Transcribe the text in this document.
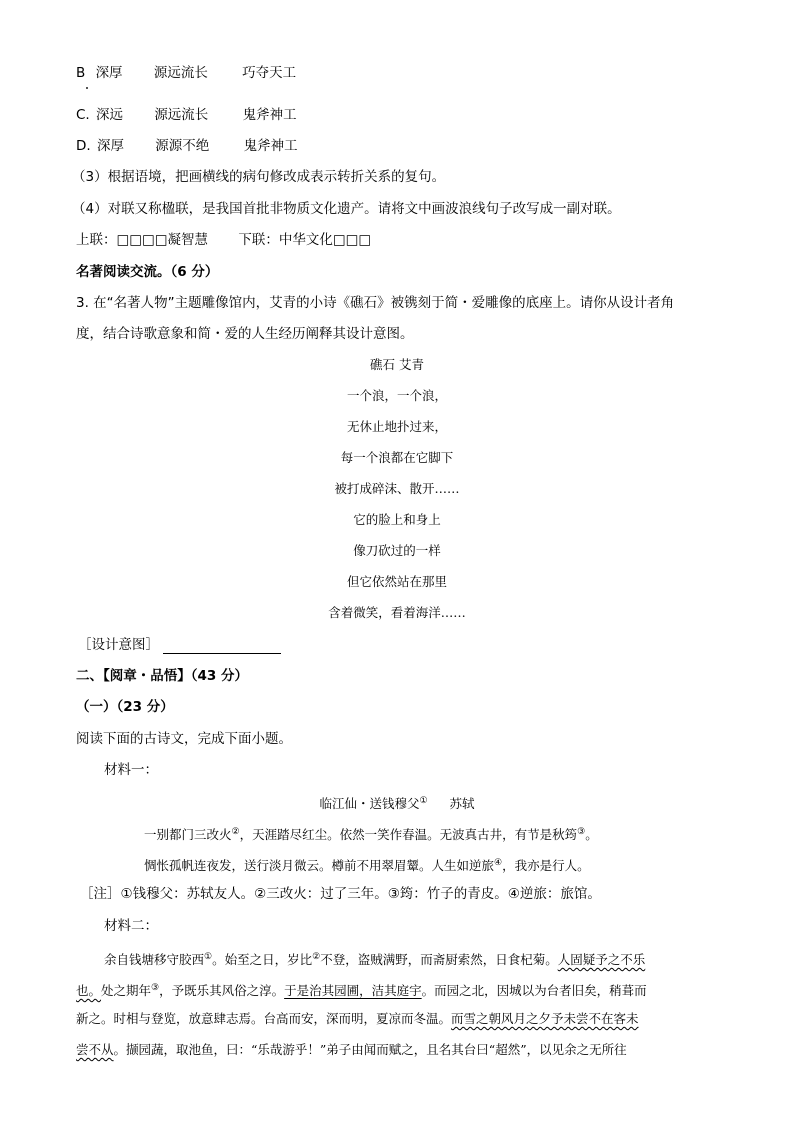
B 深厚 源远流长	巧夺天工
C. 深远 源远流长	鬼斧神工
D. 深厚 源源不绝	鬼斧神工
（3）根据语境，把画横线的病句修改成表示转折关系的复句。
（4）对联又称楹联，是我国首批非物质文化遗产。请将文中画波浪线句子改写成一副对联。
上联：□□□□凝智慧 下联：中华文化□□□
名著阅读交流。（6 分）
3. 在“名著人物”主题雕像馆内，艾青的小诗《礁石》被镌刻于简・爱雕像的底座上。请你从设计者角
度，结合诗歌意象和简・爱的人生经历阐释其设计意图。
礁石 艾青
一个浪，一个浪，
无休止地扑过来，
每一个浪都在它脚下
被打成碎沫、散开……
它的脸上和身上
像刀砍过的一样
但它依然站在那里
含着微笑，看着海洋……
［设计意图］
二、【阅章・品悟】（43 分）
（一）（23 分）
阅读下面的古诗文，完成下面小题。
材料一：
临江仙・送钱穆父① 苏轼
一别都门三改火②，天涯踏尽红尘。依然一笑作春温。无波真古井，有节是秋筠③。
惆怅孤帆连夜发，送行淡月微云。樽前不用翠眉颦。人生如逆旅④，我亦是行人。
［注］①钱穆父：苏轼友人。②三改火：过了三年。③筠：竹子的青皮。④逆旅：旅馆。
材料二：
余自钱塘移守胶西①。始至之日，岁比②不登，盗贼满野，而斋厨索然，日食杞菊。人固疑予之不乐
也。处之期年③，予既乐其风俗之淳。于是治其园圃，洁其庭宇。而园之北，因城以为台者旧矣，稍葺而
新之。时相与登览，放意肆志焉。台高而安，深而明，夏凉而冬温。而雪之朝风月之夕予未尝不在客未
尝不从。撷园蔬，取池鱼，曰：“乐哉游乎！”弟子由闻而赋之，且名其台曰“超然”，以见余之无所往
